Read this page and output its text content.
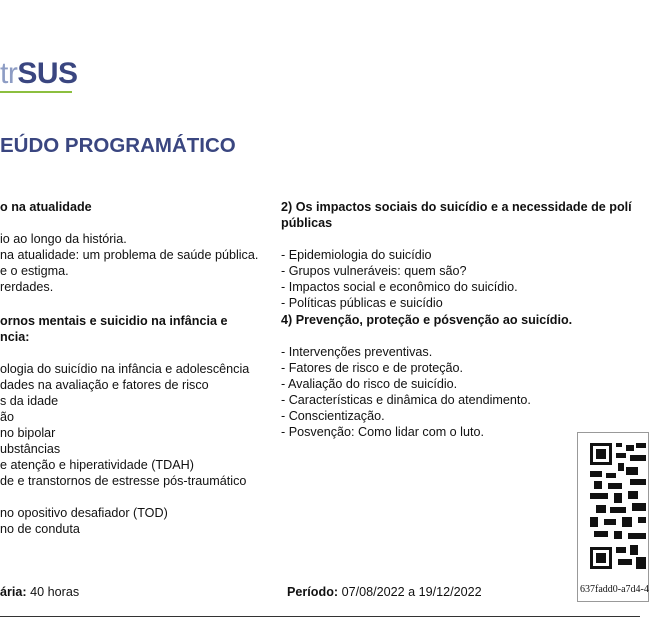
trSUS
EÚDO PROGRAMÁTICO
o na atualidade
io ao longo da história.
na atualidade: um problema de saúde pública.
e o estigma.
rerdades.
ornos mentais e suicidio na infância e
ncia:
ologia do suicídio na infância e adolescência
dades na avaliação e fatores de risco
s da idade
ão
no bipolar
ubstâncias
e atenção e hiperatividade (TDAH)
de e transtornos de estresse pós-traumático
no opositivo desafiador (TOD)
no de conduta
2) Os impactos sociais do suicídio e a necessidade de polí
públicas
- Epidemiologia do suicídio
- Grupos vulneráveis: quem são?
- Impactos social e econômico do suicídio.
- Políticas públicas e suicídio
4) Prevenção, proteção e pósvenção ao suicídio.
- Intervenções preventivas.
- Fatores de risco e de proteção.
- Avaliação do risco de suicídio.
- Características e dinâmica do atendimento.
- Conscientização.
- Posvenção: Como lidar com o luto.
637fadd0-a7d4-4
ária: 40 horas	Período: 07/08/2022 a 19/12/2022
